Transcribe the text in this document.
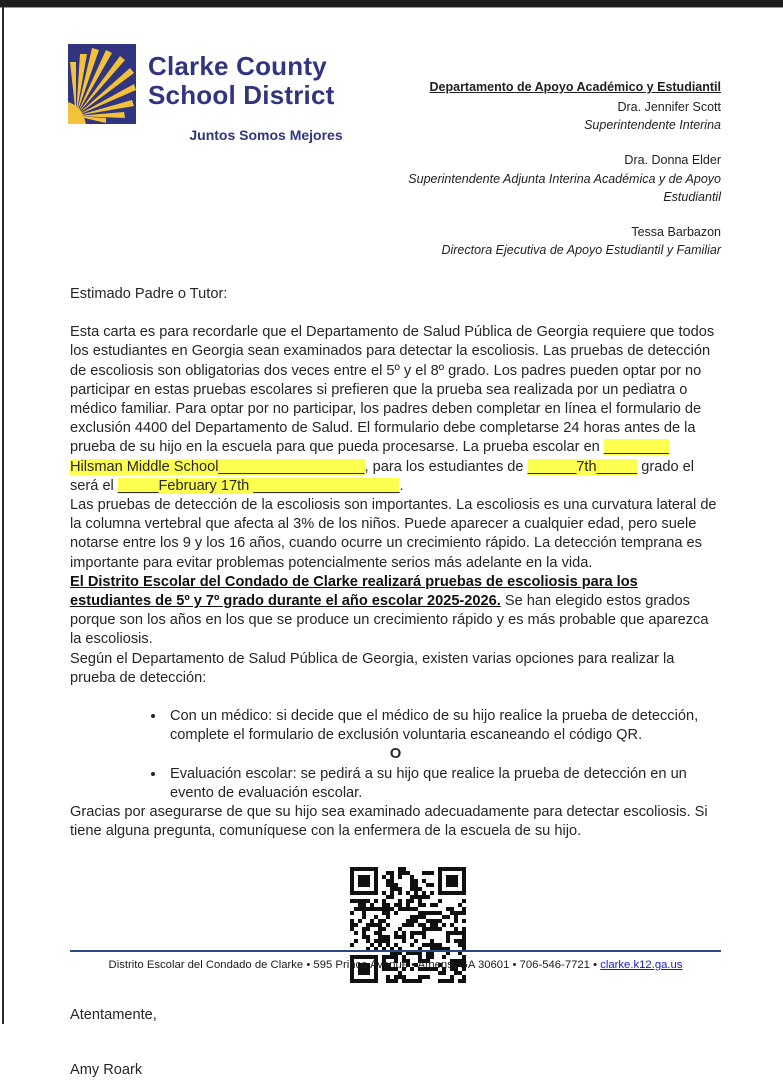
Clarke County
School District
Juntos Somos Mejores
Departamento de Apoyo Académico y Estudiantil
Dra. Jennifer Scott
Superintendente Interina
Dra. Donna Elder
Superintendente Adjunta Interina Académica y de Apoyo Estudiantil
Tessa Barbazon
Directora Ejecutiva de Apoyo Estudiantil y Familiar
Estimado Padre o Tutor:

Esta carta es para recordarle que el Departamento de Salud Pública de Georgia requiere que todos los estudiantes en Georgia sean examinados para detectar la escoliosis. Las pruebas de detección de escoliosis son obligatorias dos veces entre el 5º y el 8º grado. Los padres pueden optar por no participar en estas pruebas escolares si prefieren que la prueba sea realizada por un pediatra o médico familiar. Para optar por no participar, los padres deben completar en línea el formulario de exclusión 4400 del Departamento de Salud. El formulario debe completarse 24 horas antes de la prueba de su hijo en la escuela para que pueda procesarse. La prueba escolar en ________ Hilsman Middle School__________________, para los estudiantes de ______7th_____ grado el será el _____February 17th __________________.

Las pruebas de detección de la escoliosis son importantes. La escoliosis es una curvatura lateral de la columna vertebral que afecta al 3% de los niños. Puede aparecer a cualquier edad, pero suele notarse entre los 9 y los 16 años, cuando ocurre un crecimiento rápido. La detección temprana es importante para evitar problemas potencialmente serios más adelante en la vida.

El Distrito Escolar del Condado de Clarke realizará pruebas de escoliosis para los estudiantes de 5º y 7º grado durante el año escolar 2025-2026. Se han elegido estos grados porque son los años en los que se produce un crecimiento rápido y es más probable que aparezca la escoliosis.

Según el Departamento de Salud Pública de Georgia, existen varias opciones para realizar la prueba de detección:

• Con un médico: si decide que el médico de su hijo realice la prueba de detección, complete el formulario de exclusión voluntaria escaneando el código QR.
O
• Evaluación escolar: se pedirá a su hijo que realice la prueba de detección en un evento de evaluación escolar.

Gracias por asegurarse de que su hijo sea examinado adecuadamente para detectar escoliosis. Si tiene alguna pregunta, comuníquese con la enfermera de la escuela de su hijo.

Atentamente,
Amy Roark
Distrito Escolar del Condado de Clarke • 595 Prince Avenue • Athens, GA 30601 • 706-546-7721 • clarke.k12.ga.us
